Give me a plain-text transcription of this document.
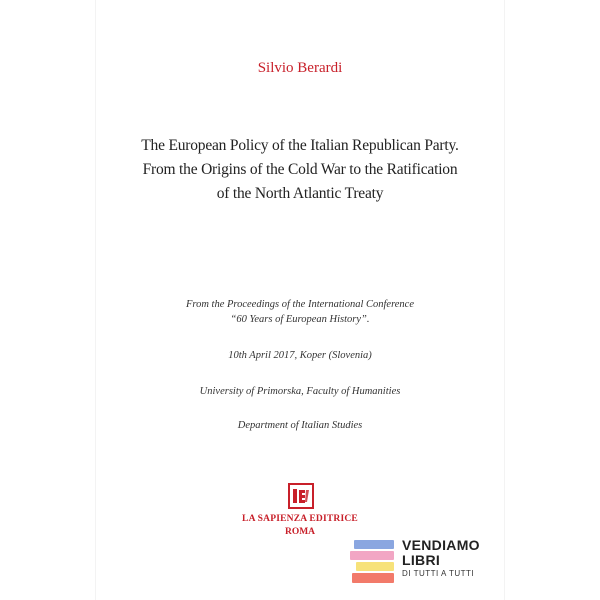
Silvio Berardi
The European Policy of the Italian Republican Party.
From the Origins of the Cold War to the Ratification
of the North Atlantic Treaty
From the Proceedings of the International Conference
“60 Years of European History”.
10th April 2017, Koper (Slovenia)
University of Primorska, Faculty of Humanities
Department of Italian Studies
LA SAPIENZA EDITRICE
ROMA
VENDIAMO
LIBRI
DI TUTTI A TUTTI
